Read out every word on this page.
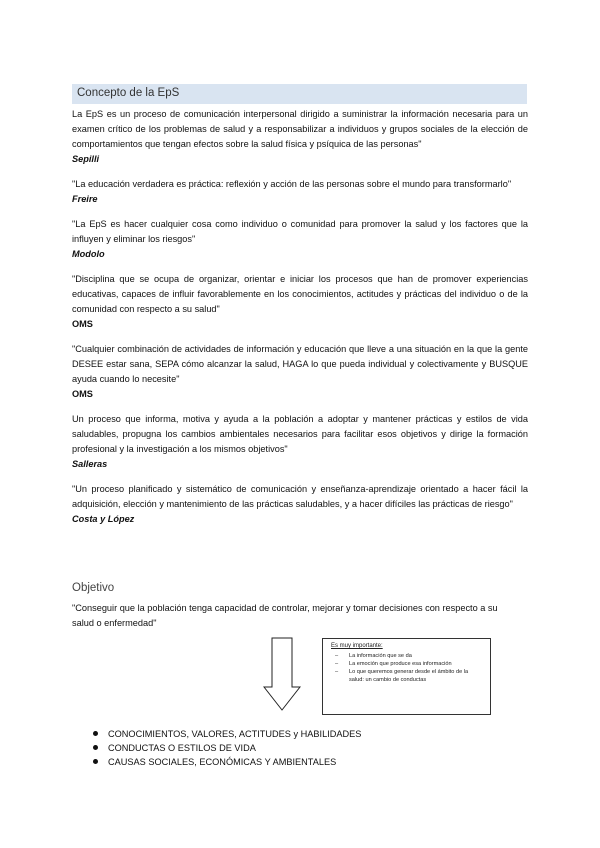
Concepto de la EpS

La EpS es un proceso de comunicación interpersonal dirigido a suministrar la información necesaria para un examen crítico de los problemas de salud y a responsabilizar a individuos y grupos sociales de la elección de comportamientos que tengan efectos sobre la salud física y psíquica de las personas"

Sepilli

"La educación verdadera es práctica: reflexión y acción de las personas sobre el mundo para transformarlo"

Freire

"La EpS es hacer cualquier cosa como individuo o comunidad para promover la salud y los factores que la influyen y eliminar los riesgos"

Modolo

"Disciplina que se ocupa de organizar, orientar e iniciar los procesos que han de promover experiencias educativas, capaces de influir favorablemente en los conocimientos, actitudes y prácticas del individuo o de la comunidad con respecto a su salud"

OMS

"Cualquier combinación de actividades de información y educación que lleve a una situación en la que la gente DESEE estar sana, SEPA cómo alcanzar la salud, HAGA lo que pueda individual y colectivamente y BUSQUE ayuda cuando lo necesite"

OMS

Un proceso que informa, motiva y ayuda a la población a adoptar y mantener prácticas y estilos de vida saludables, propugna los cambios ambientales necesarios para facilitar esos objetivos y dirige la formación profesional y la investigación a los mismos objetivos"

Salleras

"Un proceso planificado y sistemático de comunicación y enseñanza-aprendizaje orientado a hacer fácil la adquisición, elección y mantenimiento de las prácticas saludables, y a hacer difíciles las prácticas de riesgo"

Costa y López

Objetivo
"Conseguir que la población tenga capacidad de controlar, mejorar y tomar decisiones con respecto a su salud o enfermedad"
Es muy importante:
– La información que se da
– La emoción que produce esa información
– Lo que queremos generar desde el ámbito de la salud: un cambio de conductas
CONOCIMIENTOS, VALORES, ACTITUDES y HABILIDADES
CONDUCTAS O ESTILOS DE VIDA
CAUSAS SOCIALES, ECONÓMICAS Y AMBIENTALES
